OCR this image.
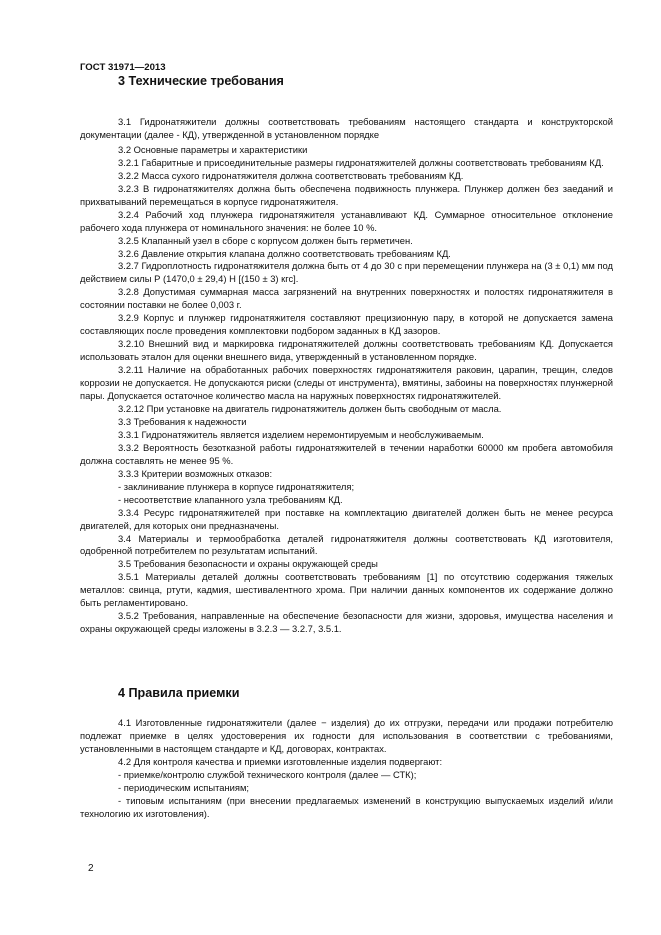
ГОСТ 31971—2013
3 Технические требования

3.1 Гидронатяжители должны соответствовать требованиям настоящего стандарта и конструкторской документации (далее - КД), утвержденной в установленном порядке

3.2 Основные параметры и характеристики

3.2.1 Габаритные и присоединительные размеры гидронатяжителей должны соответствовать требованиям КД.

3.2.2 Масса сухого гидронатяжителя должна соответствовать требованиям КД.

3.2.3 В гидронатяжителях должна быть обеспечена подвижность плунжера. Плунжер должен без заеданий и прихватываний перемещаться в корпусе гидронатяжителя.

3.2.4 Рабочий ход плунжера гидронатяжителя устанавливают КД. Суммарное относительное отклонение рабочего хода плунжера от номинального значения: не более 10 %.

3.2.5 Клапанный узел в сборе с корпусом должен быть герметичен.

3.2.6 Давление открытия клапана должно соответствовать требованиям КД.

3.2.7 Гидроплотность гидронатяжителя должна быть от 4 до 30 с при перемещении плунжера на (3 ± 0,1) мм под действием силы Р (1470,0 ± 29,4) Н [(150 ± 3) кгс].

3.2.8 Допустимая суммарная масса загрязнений на внутренних поверхностях и полостях гидронатяжителя в состоянии поставки не более 0,003 г.

3.2.9 Корпус и плунжер гидронатяжителя составляют прецизионную пару, в которой не допускается замена составляющих после проведения комплектовки подбором заданных в КД зазоров.

3.2.10 Внешний вид и маркировка гидронатяжителей должны соответствовать требованиям КД. Допускается использовать эталон для оценки внешнего вида, утвержденный в установленном порядке.

3.2.11 Наличие на обработанных рабочих поверхностях гидронатяжителя раковин, царапин, трещин, следов коррозии не допускается. Не допускаются риски (следы от инструмента), вмятины, забоины на поверхностях плунжерной пары. Допускается остаточное количество масла на наружных поверхностях гидронатяжителей.

3.2.12 При установке на двигатель гидронатяжитель должен быть свободным от масла.

3.3 Требования к надежности

3.3.1 Гидронатяжитель является изделием неремонтируемым и необслуживаемым.

3.3.2 Вероятность безотказной работы гидронатяжителей в течении наработки 60000 км пробега автомобиля должна составлять не менее 95 %.

3.3.3 Критерии возможных отказов:

- заклинивание плунжера в корпусе гидронатяжителя;

- несоответствие клапанного узла требованиям КД.

3.3.4 Ресурс гидронатяжителей при поставке на комплектацию двигателей должен быть не менее ресурса двигателей, для которых они предназначены.

3.4 Материалы и термообработка деталей гидронатяжителя должны соответствовать КД изготовителя, одобренной потребителем по результатам испытаний.

3.5 Требования безопасности и охраны окружающей среды

3.5.1 Материалы деталей должны соответствовать требованиям [1] по отсутствию содержания тяжелых металлов: свинца, ртути, кадмия, шестивалентного хрома. При наличии данных компонентов их содержание должно быть регламентировано.

3.5.2 Требования, направленные на обеспечение безопасности для жизни, здоровья, имущества населения и охраны окружающей среды изложены в 3.2.3 — 3.2.7, 3.5.1.

4 Правила приемки

4.1 Изготовленные гидронатяжители (далее − изделия) до их отгрузки, передачи или продажи потребителю подлежат приемке в целях удостоверения их годности для использования в соответствии с требованиями, установленными в настоящем стандарте и КД, договорах, контрактах.

4.2 Для контроля качества и приемки изготовленные изделия подвергают:

- приемке/контролю службой технического контроля (далее — СТК);

- периодическим испытаниям;

- типовым испытаниям (при внесении предлагаемых изменений в конструкцию выпускаемых изделий и/или технологию их изготовления).

2
